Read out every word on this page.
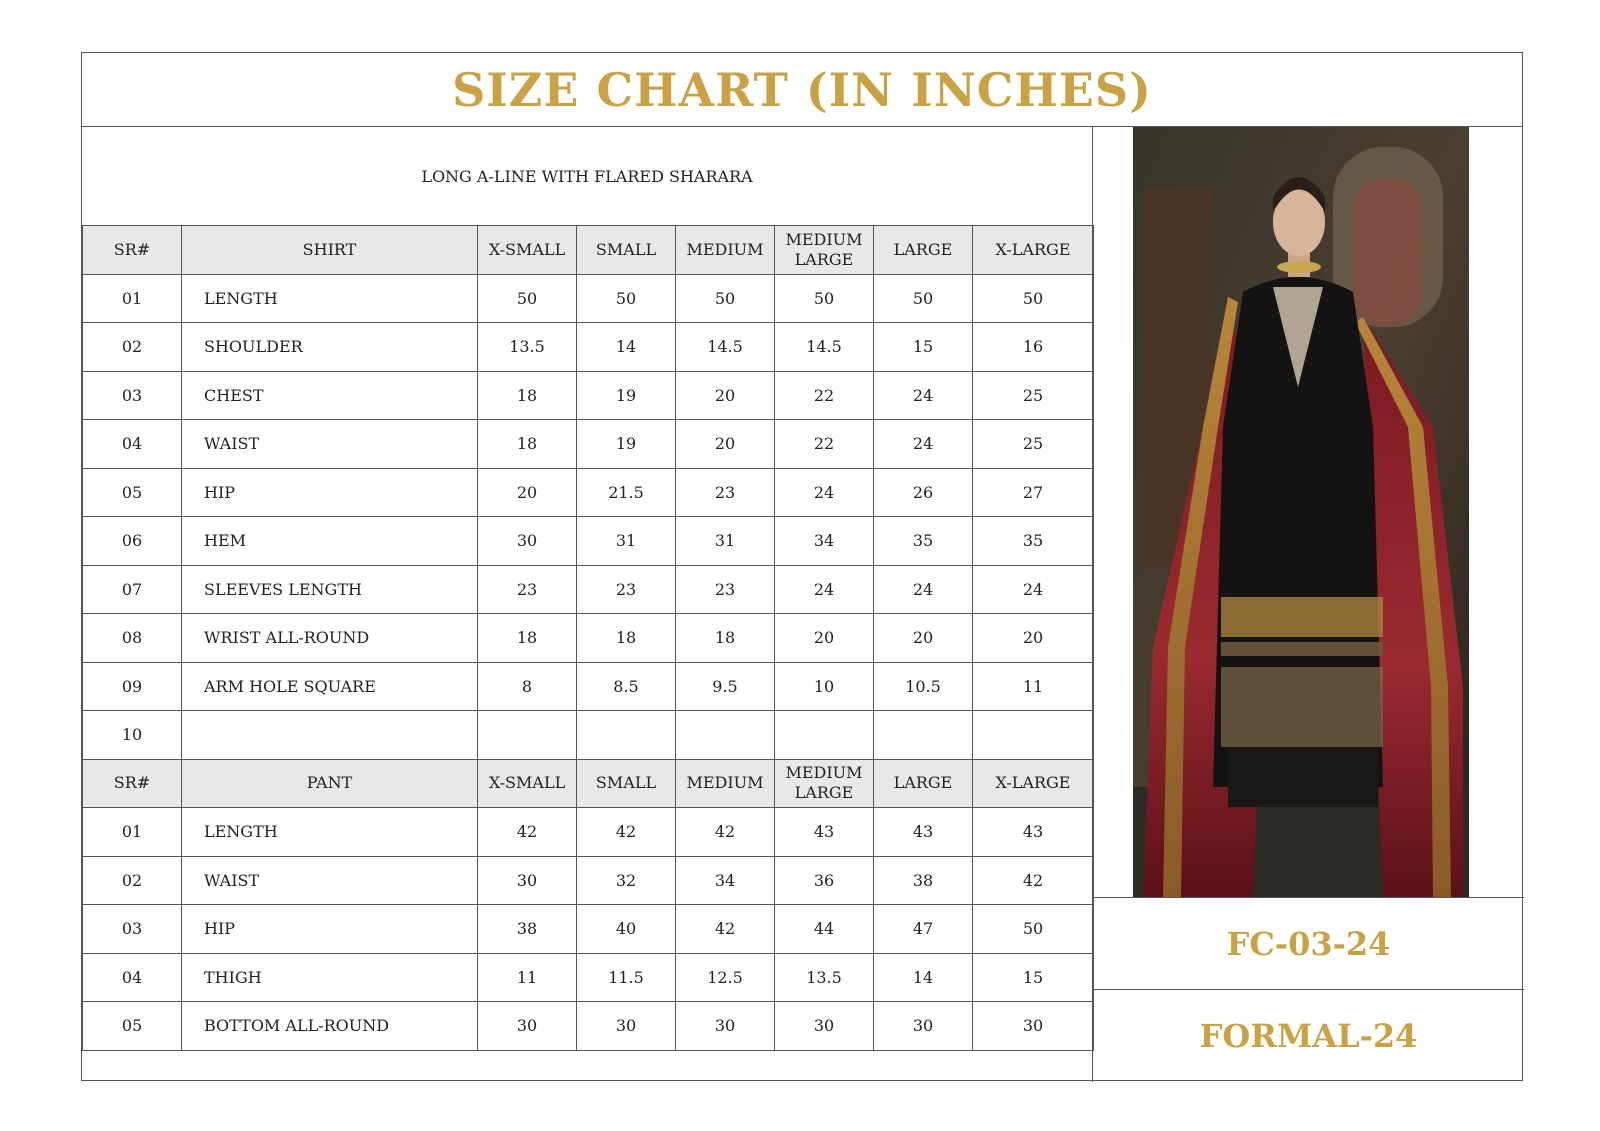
SIZE CHART (IN INCHES)
LONG A-LINE WITH FLARED SHARARA
SR#	SHIRT	X-SMALL	SMALL	MEDIUM	MEDIUM LARGE	LARGE	X-LARGE
01	LENGTH	50	50	50	50	50	50
02	SHOULDER	13.5	14	14.5	14.5	15	16
03	CHEST	18	19	20	22	24	25
04	WAIST	18	19	20	22	24	25
05	HIP	20	21.5	23	24	26	27
06	HEM	30	31	31	34	35	35
07	SLEEVES LENGTH	23	23	23	24	24	24
08	WRIST ALL-ROUND	18	18	18	20	20	20
09	ARM HOLE SQUARE	8	8.5	9.5	10	10.5	11
10							
SR#	PANT	X-SMALL	SMALL	MEDIUM	MEDIUM LARGE	LARGE	X-LARGE
01	LENGTH	42	42	42	43	43	43
02	WAIST	30	32	34	36	38	42
03	HIP	38	40	42	44	47	50
04	THIGH	11	11.5	12.5	13.5	14	15
05	BOTTOM ALL-ROUND	30	30	30	30	30	30
FC-03-24
FORMAL-24
